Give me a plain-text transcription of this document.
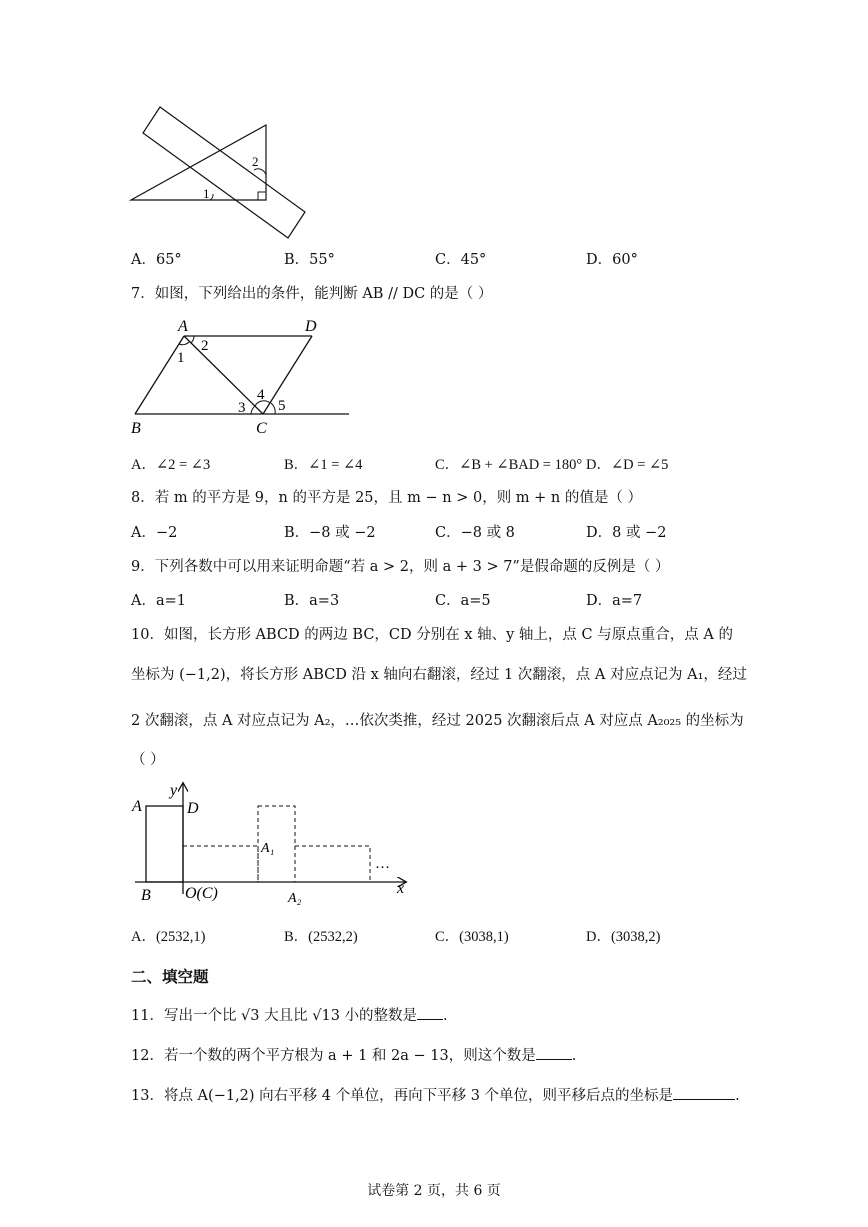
1
2
A．65°	B．55°	C．45°	D．60°
7．如图，下列给出的条件，能判断 AB // DC 的是（ ）
A	D
B	C
1
2
3
4
5
A．∠2 = ∠3	B．∠1 = ∠4	C．∠B + ∠BAD = 180° D．∠D = ∠5
8．若 m 的平方是 9，n 的平方是 25，且 m − n > 0，则 m + n 的值是（ ）
A．−2	B．−8 或 −2	C．−8 或 8	D．8 或 −2
9．下列各数中可以用来证明命题“若 a > 2，则 a + 3 > 7”是假命题的反例是（ ）
A．a=1	B．a=3	C．a=5	D．a=7
10．如图，长方形 ABCD 的两边 BC，CD 分别在 x 轴、y 轴上，点 C 与原点重合，点 A 的
坐标为 (−1,2)，将长方形 ABCD 沿 x 轴向右翻滚，经过 1 次翻滚，点 A 对应点记为 A₁，经过
2 次翻滚，点 A 对应点记为 A₂，…依次类推，经过 2025 次翻滚后点 A 对应点 A₂₀₂₅ 的坐标为
（ ）
…
A	D
y
B O(C)
A₁
A₂
x
A．(2532,1)	B．(2532,2)	C．(3038,1)	D．(3038,2)
二、填空题
11．写出一个比 √3 大且比 √13 小的整数是 .
12．若一个数的两个平方根为 a + 1 和 2a − 13，则这个数是 .
13．将点 A(−1,2) 向右平移 4 个单位，再向下平移 3 个单位，则平移后点的坐标是	.
试卷第 2 页，共 6 页
